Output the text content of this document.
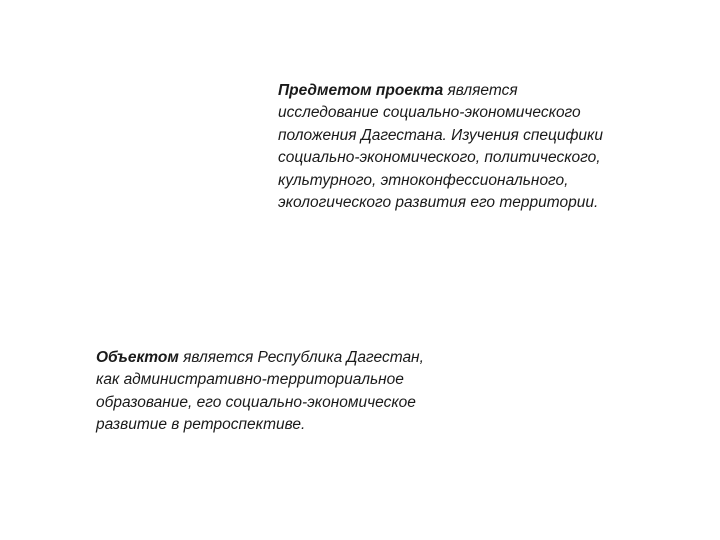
Предметом проекта является
исследование социально-экономического
положения Дагестана. Изучения специфики
социально-экономического, политического,
культурного, этноконфессионального,
экологического развития его территории.
Объектом является Республика Дагестан,
как административно-территориальное
образование, его социально-экономическое
развитие в ретроспективе.
